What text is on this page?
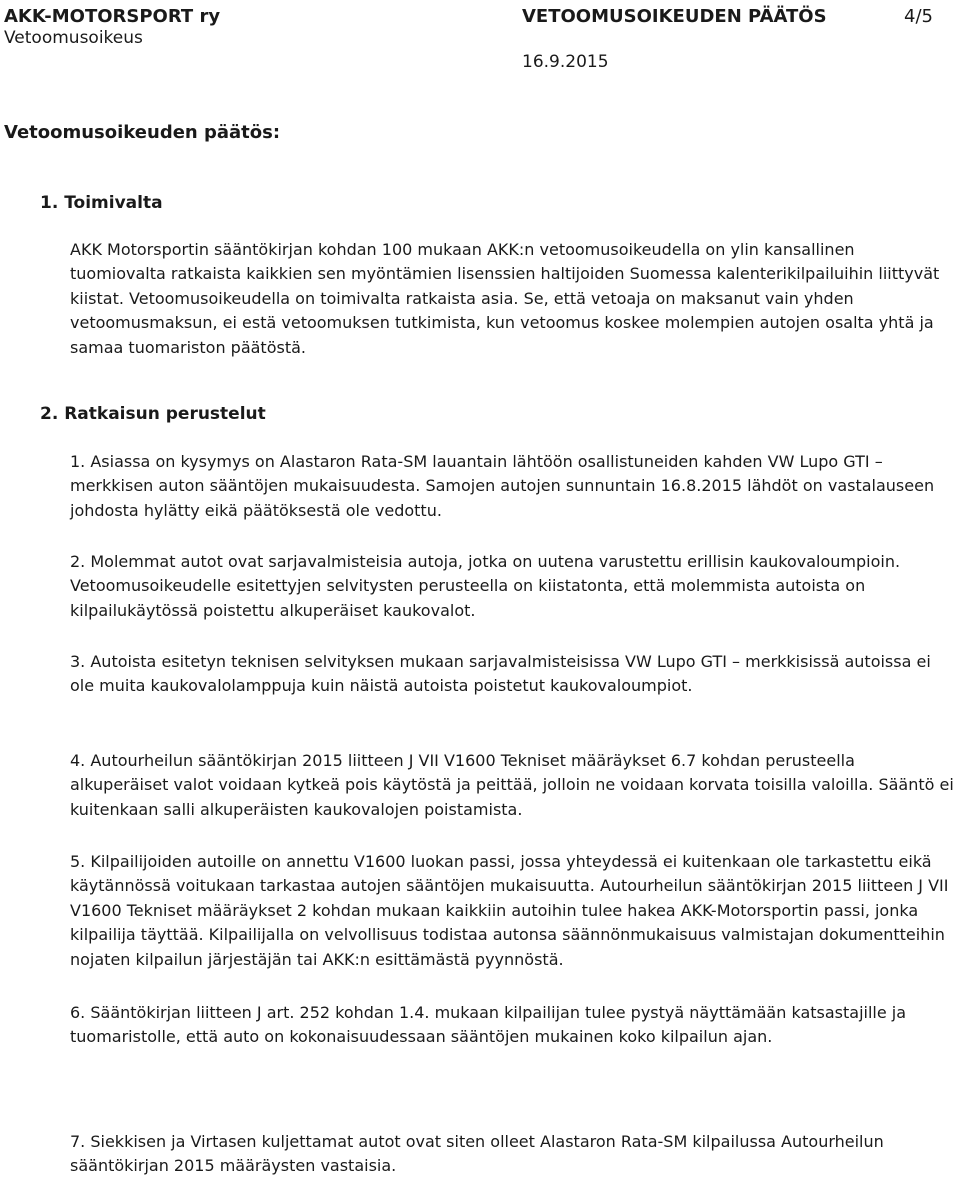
AKK-MOTORSPORT ry
Vetoomusoikeus
VETOOMUSOIKEUDEN PÄÄTÖS	4/5
16.9.2015
Vetoomusoikeuden päätös:
1. Toimivalta

AKK Motorsportin sääntökirjan kohdan 100 mukaan AKK:n vetoomusoikeudella on ylin kansallinen tuomiovalta ratkaista kaikkien sen myöntämien lisenssien haltijoiden Suomessa kalenterikilpailuihin liittyvät kiistat. Vetoomusoikeudella on toimivalta ratkaista asia. Se, että vetoaja on maksanut vain yhden vetoomusmaksun, ei estä vetoomuksen tutkimista, kun vetoomus koskee molempien autojen osalta yhtä ja samaa tuomariston päätöstä.

2. Ratkaisun perustelut

1. Asiassa on kysymys on Alastaron Rata-SM lauantain lähtöön osallistuneiden kahden VW Lupo GTI –merkkisen auton sääntöjen mukaisuudesta. Samojen autojen sunnuntain 16.8.2015 lähdöt on vastalauseen johdosta hylätty eikä päätöksestä ole vedottu.

2. Molemmat autot ovat sarjavalmisteisia autoja, jotka on uutena varustettu erillisin kaukovaloumpioin. Vetoomusoikeudelle esitettyjen selvitysten perusteella on kiistatonta, että molemmista autoista on kilpailukäytössä poistettu alkuperäiset kaukovalot.

3. Autoista esitetyn teknisen selvityksen mukaan sarjavalmisteisissa VW Lupo GTI – merkkisissä autoissa ei ole muita kaukovalolamppuja kuin näistä autoista poistetut kaukovaloumpiot.

4. Autourheilun sääntökirjan 2015 liitteen J VII V1600 Tekniset määräykset 6.7 kohdan perusteella alkuperäiset valot voidaan kytkeä pois käytöstä ja peittää, jolloin ne voidaan korvata toisilla valoilla. Sääntö ei kuitenkaan salli alkuperäisten kaukovalojen poistamista.

5. Kilpailijoiden autoille on annettu V1600 luokan passi, jossa yhteydessä ei kuitenkaan ole tarkastettu eikä käytännössä voitukaan tarkastaa autojen sääntöjen mukaisuutta. Autourheilun sääntökirjan 2015 liitteen J VII V1600 Tekniset määräykset 2 kohdan mukaan kaikkiin autoihin tulee hakea AKK-Motorsportin passi, jonka kilpailija täyttää. Kilpailijalla on velvollisuus todistaa autonsa säännönmukaisuus valmistajan dokumentteihin nojaten kilpailun järjestäjän tai AKK:n esittämästä pyynnöstä.

6. Sääntökirjan liitteen J art. 252 kohdan 1.4. mukaan kilpailijan tulee pystyä näyttämään katsastajille ja tuomaristolle, että auto on kokonaisuudessaan sääntöjen mukainen koko kilpailun ajan.

7. Siekkisen ja Virtasen kuljettamat autot ovat siten olleet Alastaron Rata-SM kilpailussa Autourheilun sääntökirjan 2015 määräysten vastaisia.
